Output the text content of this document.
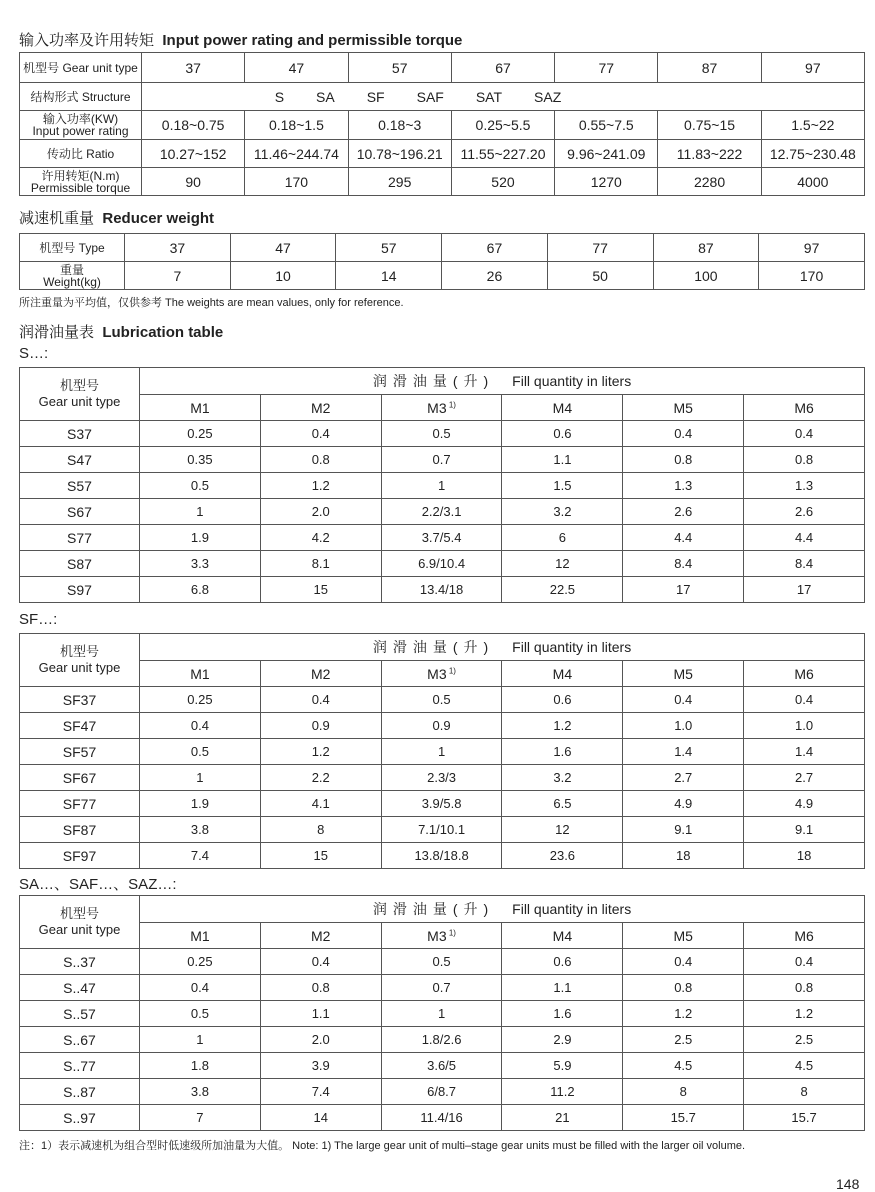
输入功率及许用转矩 Input power rating and permissible torque
机型号 Gear unit type	37	47	57	67	77	87	97
结构形式 Structure	S SA SF SAF SAT SAZ						
输入功率(KW)
Input power rating	0.18~0.75	0.18~1.5	0.18~3	0.25~5.5	0.55~7.5	0.75~15	1.5~22
传动比 Ratio	10.27~152	11.46~244.74	10.78~196.21	11.55~227.20	9.96~241.09	11.83~222	12.75~230.48
许用转矩(N.m)
Permissible torque	90	170	295	520	1270	2280	4000
减速机重量 Reducer weight
机型号 Type	37	47	57	67	77	87	97
重量
Weight(kg)	7	10	14	26	50	100	170
所注重量为平均值，仅供参考 The weights are mean values, only for reference.
润滑油量表 Lubrication table
S…:
机型号
Gear unit type	润滑油量(升) Fill quantity in liters					
	M1	M2	M3 $^{1)}$	M4	M5	M6
S37	0.25	0.4	0.5	0.6	0.4	0.4
S47	0.35	0.8	0.7	1.1	0.8	0.8
S57	0.5	1.2	1	1.5	1.3	1.3
S67	1	2.0	2.2/3.1	3.2	2.6	2.6
S77	1.9	4.2	3.7/5.4	6	4.4	4.4
S87	3.3	8.1	6.9/10.4	12	8.4	8.4
S97	6.8	15	13.4/18	22.5	17	17
SF…:
机型号
Gear unit type	润滑油量(升) Fill quantity in liters					
	M1	M2	M3 $^{1)}$	M4	M5	M6
SF37	0.25	0.4	0.5	0.6	0.4	0.4
SF47	0.4	0.9	0.9	1.2	1.0	1.0
SF57	0.5	1.2	1	1.6	1.4	1.4
SF67	1	2.2	2.3/3	3.2	2.7	2.7
SF77	1.9	4.1	3.9/5.8	6.5	4.9	4.9
SF87	3.8	8	7.1/10.1	12	9.1	9.1
SF97	7.4	15	13.8/18.8	23.6	18	18
SA…、SAF…、SAZ…:
机型号
Gear unit type	润滑油量(升) Fill quantity in liters					
	M1	M2	M3 $^{1)}$	M4	M5	M6
S..37	0.25	0.4	0.5	0.6	0.4	0.4
S..47	0.4	0.8	0.7	1.1	0.8	0.8
S..57	0.5	1.1	1	1.6	1.2	1.2
S..67	1	2.0	1.8/2.6	2.9	2.5	2.5
S..77	1.8	3.9	3.6/5	5.9	4.5	4.5
S..87	3.8	7.4	6/8.7	11.2	8	8
S..97	7	14	11.4/16	21	15.7	15.7
注：1）表示减速机为组合型时低速级所加油量为大值。 Note: 1) The large gear unit of multi–stage gear units must be filled with the larger oil volume.
148
